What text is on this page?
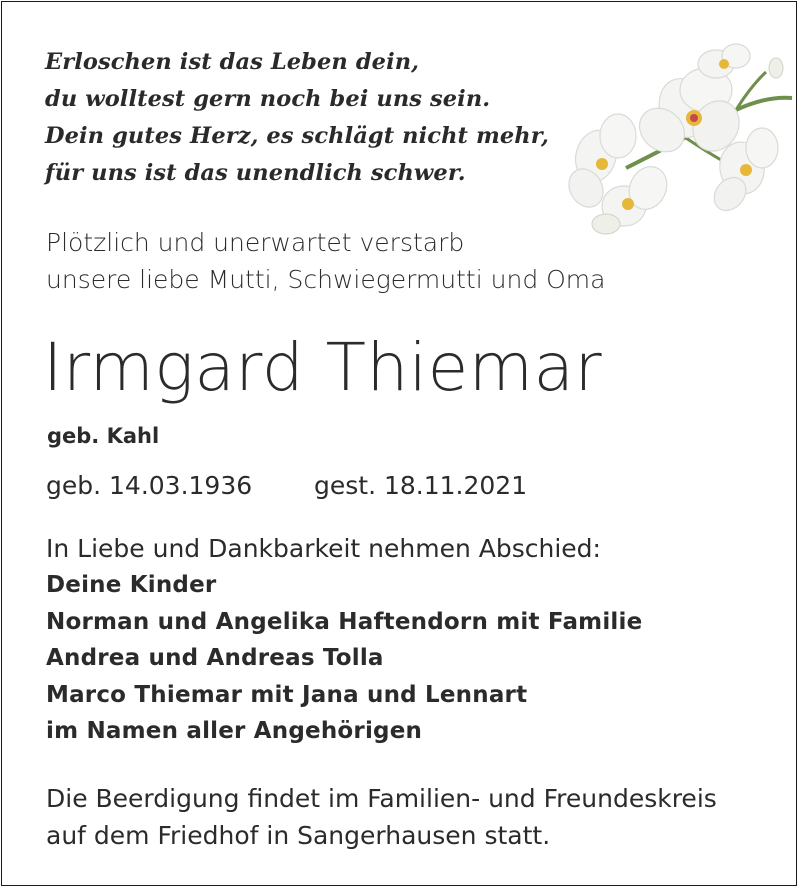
Erloschen ist das Leben dein,
du wolltest gern noch bei uns sein.
Dein gutes Herz, es schlägt nicht mehr,
für uns ist das unendlich schwer.
Plötzlich und unerwartet verstarb
unsere liebe Mutti, Schwiegermutti und Oma
Irmgard Thiemar
geb. Kahl
geb. 14.03.1936 gest. 18.11.2021
In Liebe und Dankbarkeit nehmen Abschied:
Deine Kinder
Norman und Angelika Haftendorn mit Familie
Andrea und Andreas Tolla
Marco Thiemar mit Jana und Lennart
im Namen aller Angehörigen
Die Beerdigung findet im Familien- und Freundeskreis
auf dem Friedhof in Sangerhausen statt.
